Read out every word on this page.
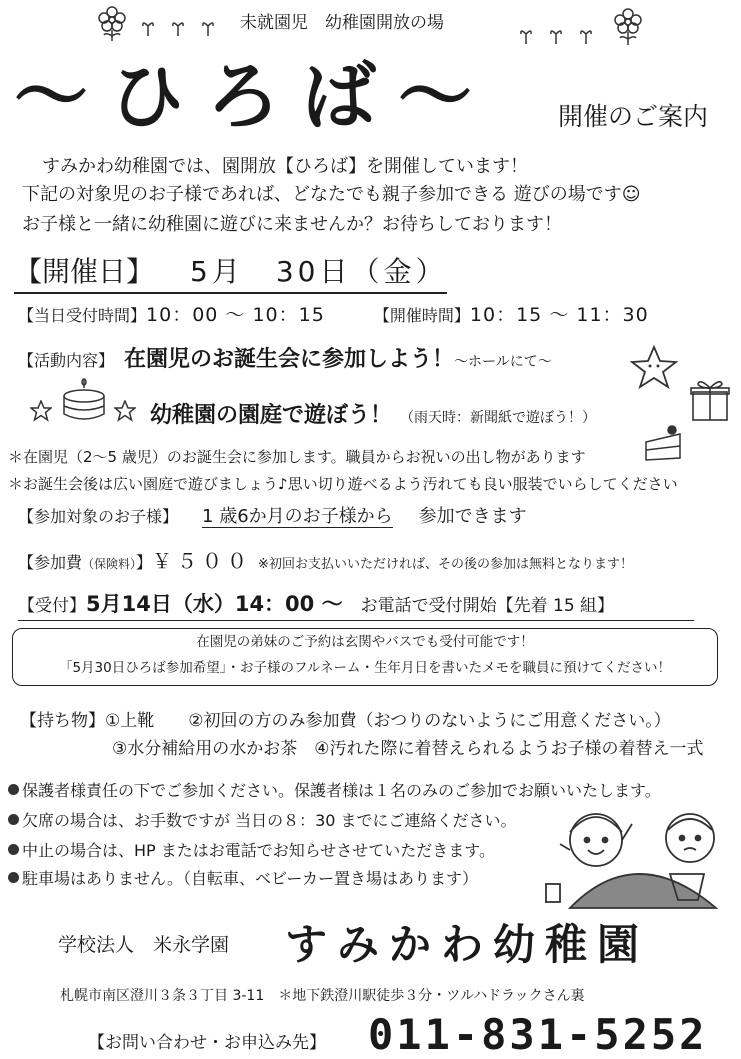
未就園児　幼稚園開放の場
〜ひろば〜	開催のご案内
すみかわ幼稚園では、園開放【ひろば】を開催しています！
下記の対象児のお子様であれば、どなたでも親子参加できる 遊びの場です☺
お子様と一緒に幼稚園に遊びに来ませんか？お待ちしております！
【開催日】 5月　30日（金）
【当日受付時間】10：00 〜 10：15	【開催時間】10：15 〜 11：30
【活動内容】 在園児のお誕生会に参加しよう！〜ホールにて〜
幼稚園の園庭で遊ぼう！ （雨天時：新聞紙で遊ぼう！）
＊在園児（2〜5 歳児）のお誕生会に参加します。職員からお祝いの出し物があります
＊お誕生会後は広い園庭で遊びましょう♪思い切り遊べるよう汚れても良い服装でいらしてください
【参加対象のお子様】 1 歳6か月のお子様から 参加できます
【参加費（保険料）】￥５００ ※初回お支払いいただければ、その後の参加は無料となります！
【受付】5月14日（水）14：00 〜 お電話で受付開始【先着 15 組】
在園児の弟妹のご予約は玄関やバスでも受付可能です！
「5月30日ひろば参加希望」・お子様のフルネーム・生年月日を書いたメモを職員に預けてください！
【持ち物】①上靴　　②初回の方のみ参加費（おつりのないようにご用意ください。）
③水分補給用の水かお茶　④汚れた際に着替えられるようお子様の着替え一式
保護者様責任の下でご参加ください。保護者様は１名のみのご参加でお願いいたします。
欠席の場合は、お手数ですが 当日の８：30 までにご連絡ください。
中止の場合は、HP またはお電話でお知らせさせていただきます。
駐車場はありません。（自転車、ベビーカー置き場はあります）
学校法人　米永学園 すみかわ幼稚園
札幌市南区澄川３条３丁目 3-11　＊地下鉄澄川駅徒歩３分・ツルハドラックさん裏
【お問い合わせ・お申込み先】 011-831-5252
